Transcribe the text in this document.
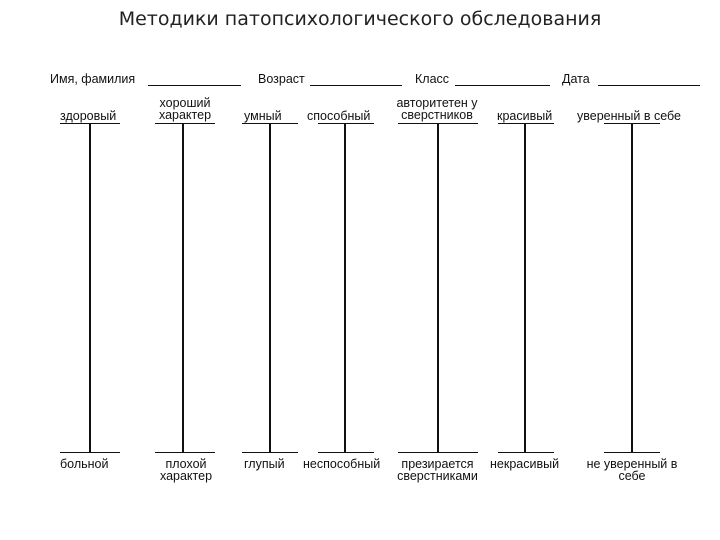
Методики патопсихологического обследования
Имя, фамилия	Возраст	Класс	Дата
здоровый
больной
хороший характер
плохой характер
умный
глупый
способный
неспособный
авторитетен у сверстников
презирается сверстниками
красивый
некрасивый
уверенный в себе
не уверенный в себе
